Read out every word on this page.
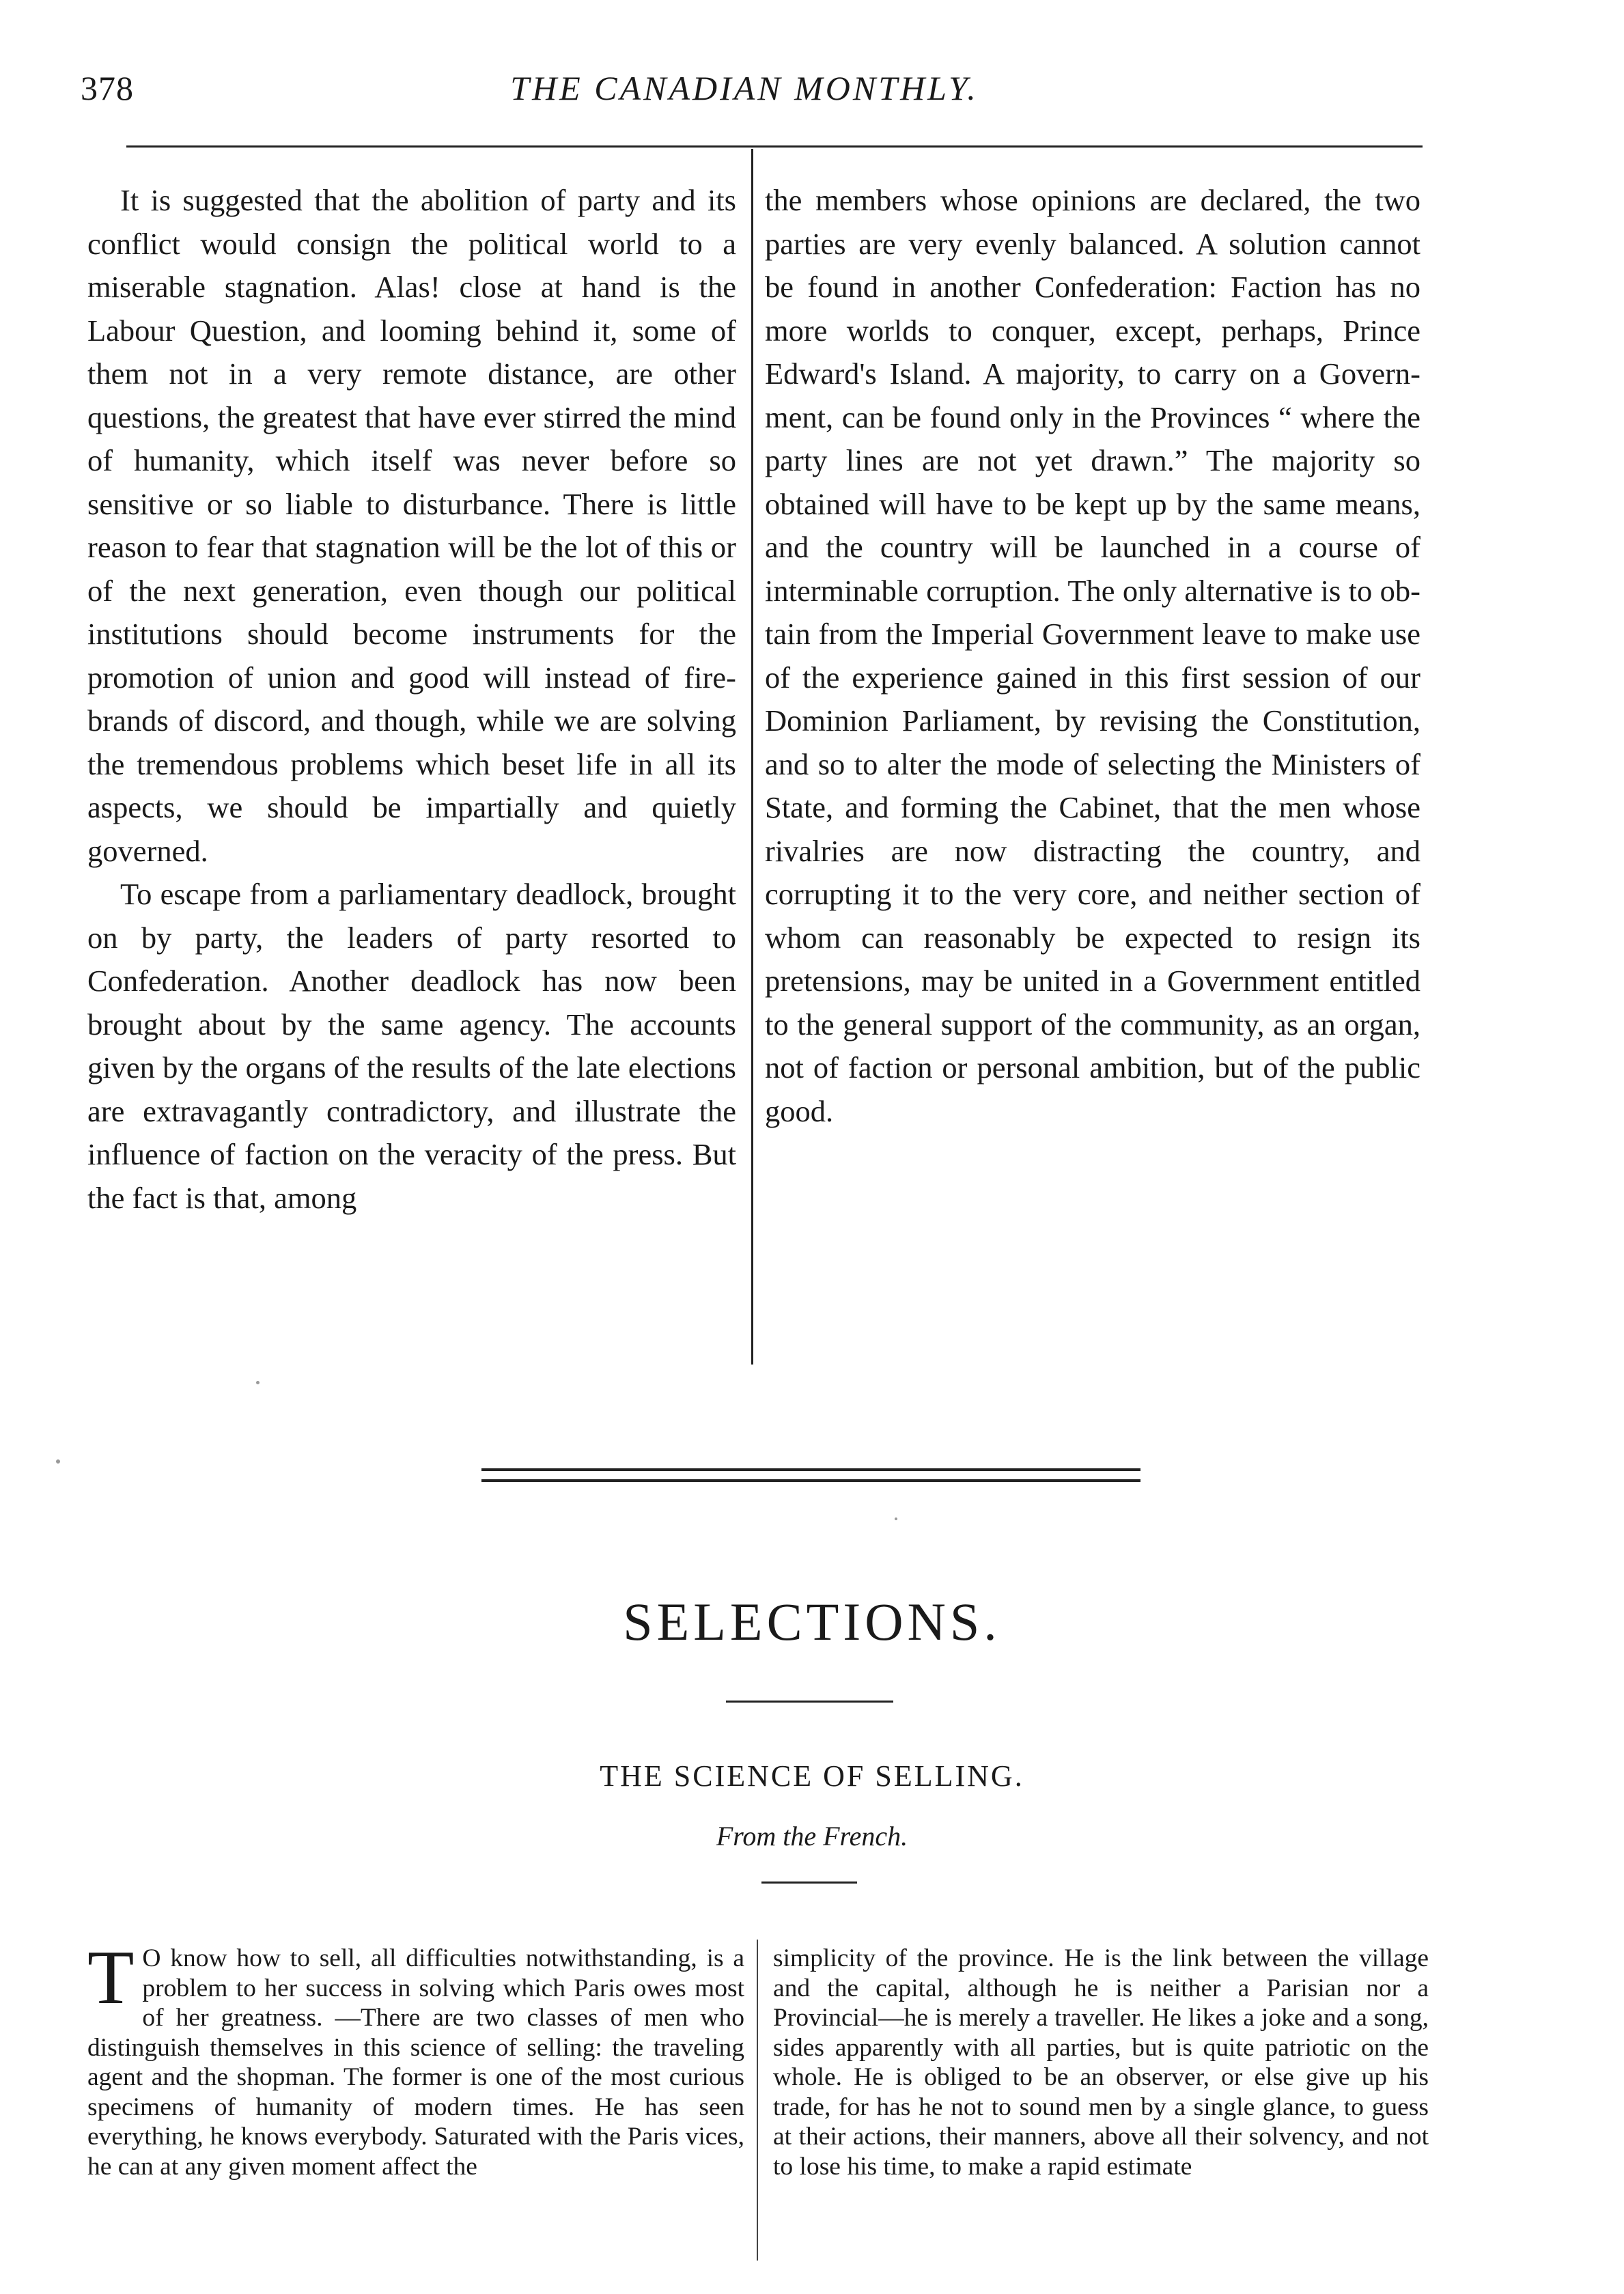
378	THE CANADIAN MONTHLY.

It is suggested that the abolition of party and its conflict would consign the political world to a miserable stagnation. Alas! close at hand is the Labour Question, and looming behind it, some of them not in a very remote distance, are other questions, the greatest that have ever stirred the mind of humanity, which itself was never before so sensitive or so liable to disturbance. There is little reason to fear that stagnation will be the lot of this or of the next generation, even though our political institutions should become instruments for the promotion of union and good will instead of firebrands of discord, and though, while we are solving the tremendous problems which beset life in all its aspects, we should be impartially and quietly governed.

To escape from a parliamentary deadlock, brought on by party, the leaders of party resorted to Confederation. Another deadlock has now been brought about by the same agency. The accounts given by the organs of the results of the late elections are extravagantly contradictory, and illustrate the influence of faction on the veracity of the press. But the fact is that, among

the members whose opinions are declared, the two parties are very evenly balanced. A solution cannot be found in another Confederation: Faction has no more worlds to conquer, except, perhaps, Prince Edward's Island. A majority, to carry on a Government, can be found only in the Provinces “ where the party lines are not yet drawn.” The majority so obtained will have to be kept up by the same means, and the country will be launched in a course of interminable corruption. The only alternative is to obtain from the Imperial Government leave to make use of the experience gained in this first session of our Dominion Parliament, by revising the Constitution, and so to alter the mode of selecting the Ministers of State, and forming the Cabinet, that the men whose rivalries are now distracting the country, and corrupting it to the very core, and neither section of whom can reasonably be expected to resign its pretensions, may be united in a Government entitled to the general support of the community, as an organ, not of faction or personal ambition, but of the public good.

SELECTIONS.
THE SCIENCE OF SELLING.
From the French.
T O know how to sell, all difficulties notwithstanding, is a problem to her success in solving which Paris owes most of her greatness. —There are two classes of men who distinguish themselves in this science of selling: the traveling agent and the shopman. The former is one of the most curious specimens of humanity of modern times. He has seen everything, he knows everybody. Saturated with the Paris vices, he can at any given moment affect the

simplicity of the province. He is the link between the village and the capital, although he is neither a Parisian nor a Provincial—he is merely a traveller. He likes a joke and a song, sides apparently with all parties, but is quite patriotic on the whole. He is obliged to be an observer, or else give up his trade, for has he not to sound men by a single glance, to guess at their actions, their manners, above all their solvency, and not to lose his time, to make a rapid estimate
